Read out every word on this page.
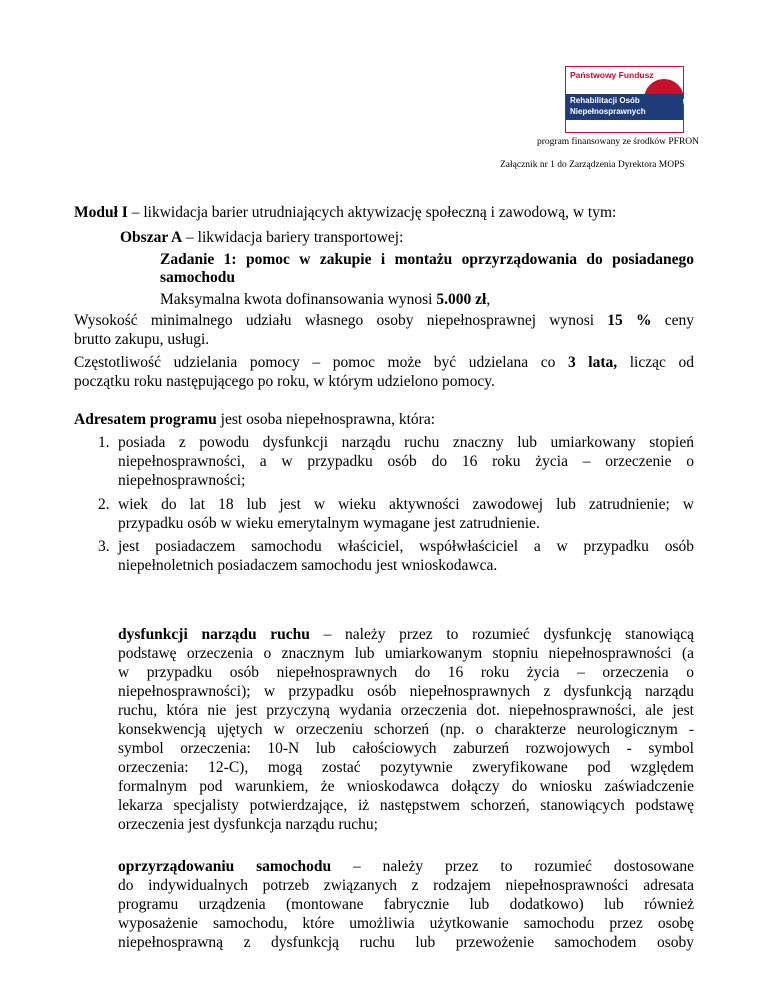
Państwowy Fundusz
Rehabilitacji Osób
Niepełnosprawnych
program finansowany ze środków PFRON
Załącznik nr 1 do Zarządzenia Dyrektora MOPS
Moduł I – likwidacja barier utrudniających aktywizację społeczną i zawodową, w tym:
Obszar A – likwidacja bariery transportowej:
Zadanie 1: pomoc w zakupie i montażu oprzyrządowania do posiadanego
samochodu
Maksymalna kwota dofinansowania wynosi 5.000 zł,
Wysokość minimalnego udziału własnego osoby niepełnosprawnej wynosi 15 % ceny
brutto zakupu, usługi.
Częstotliwość udzielania pomocy – pomoc może być udzielana co 3 lata, licząc od
początku roku następującego po roku, w którym udzielono pomocy.
Adresatem programu jest osoba niepełnosprawna, która:
1. posiada z powodu dysfunkcji narządu ruchu znaczny lub umiarkowany stopień
niepełnosprawności, a w przypadku osób do 16 roku życia – orzeczenie o
niepełnosprawności;
2. wiek do lat 18 lub jest w wieku aktywności zawodowej lub zatrudnienie; w
przypadku osób w wieku emerytalnym wymagane jest zatrudnienie.
3. jest posiadaczem samochodu właściciel, współwłaściciel a w przypadku osób
niepełnoletnich posiadaczem samochodu jest wnioskodawca.
dysfunkcji narządu ruchu – należy przez to rozumieć dysfunkcję stanowiącą
podstawę orzeczenia o znacznym lub umiarkowanym stopniu niepełnosprawności (a
w przypadku osób niepełnosprawnych do 16 roku życia – orzeczenia o
niepełnosprawności); w przypadku osób niepełnosprawnych z dysfunkcją narządu
ruchu, która nie jest przyczyną wydania orzeczenia dot. niepełnosprawności, ale jest
konsekwencją ujętych w orzeczeniu schorzeń (np. o charakterze neurologicznym -
symbol orzeczenia: 10-N lub całościowych zaburzeń rozwojowych - symbol
orzeczenia: 12-C), mogą zostać pozytywnie zweryfikowane pod względem
formalnym pod warunkiem, że wnioskodawca dołączy do wniosku zaświadczenie
lekarza specjalisty potwierdzające, iż następstwem schorzeń, stanowiących podstawę
orzeczenia jest dysfunkcja narządu ruchu;
oprzyrządowaniu samochodu – należy przez to rozumieć dostosowane
do indywidualnych potrzeb związanych z rodzajem niepełnosprawności adresata
programu urządzenia (montowane fabrycznie lub dodatkowo) lub również
wyposażenie samochodu, które umożliwia użytkowanie samochodu przez osobę
niepełnosprawną z dysfunkcją ruchu lub przewożenie samochodem osoby
